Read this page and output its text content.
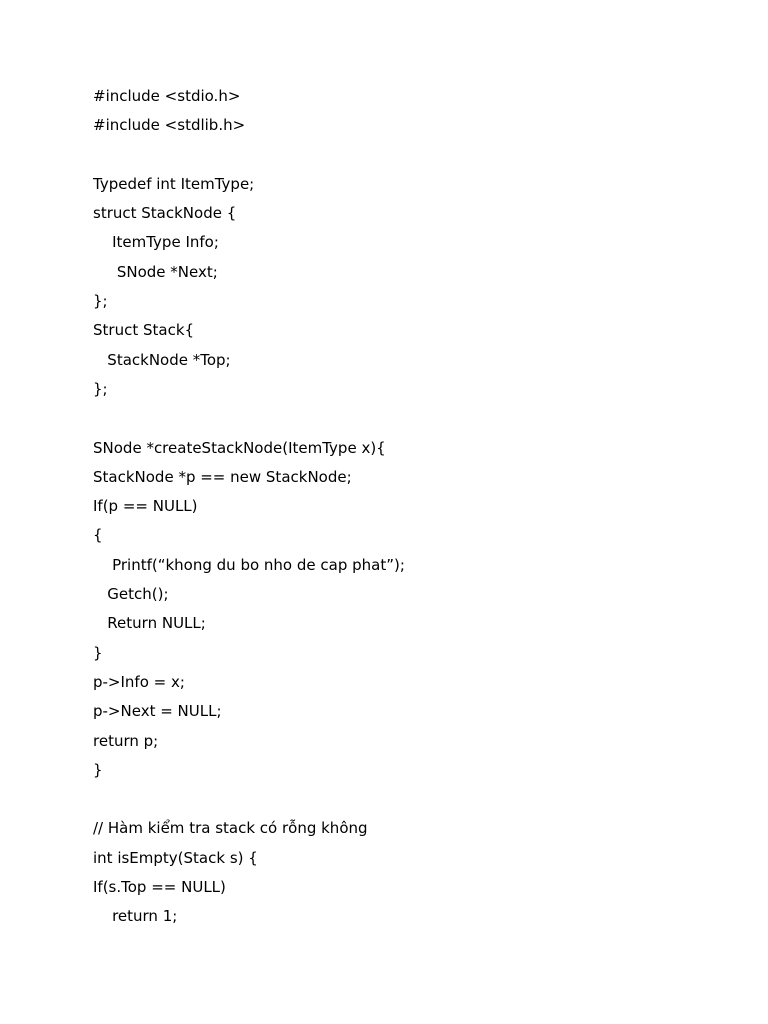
#include <stdio.h>
#include <stdlib.h>
Typedef int ItemType;
struct StackNode {
ItemType Info;
SNode *Next;
};
Struct Stack{
StackNode *Top;
};
SNode *createStackNode(ItemType x){
StackNode *p == new StackNode;
If(p == NULL)
{
Printf(“khong du bo nho de cap phat”);
Getch();
Return NULL;
}
p->Info = x;
p->Next = NULL;
return p;
}
// Hàm kiểm tra stack có rỗng không
int isEmpty(Stack s) {
If(s.Top == NULL)
return 1;
